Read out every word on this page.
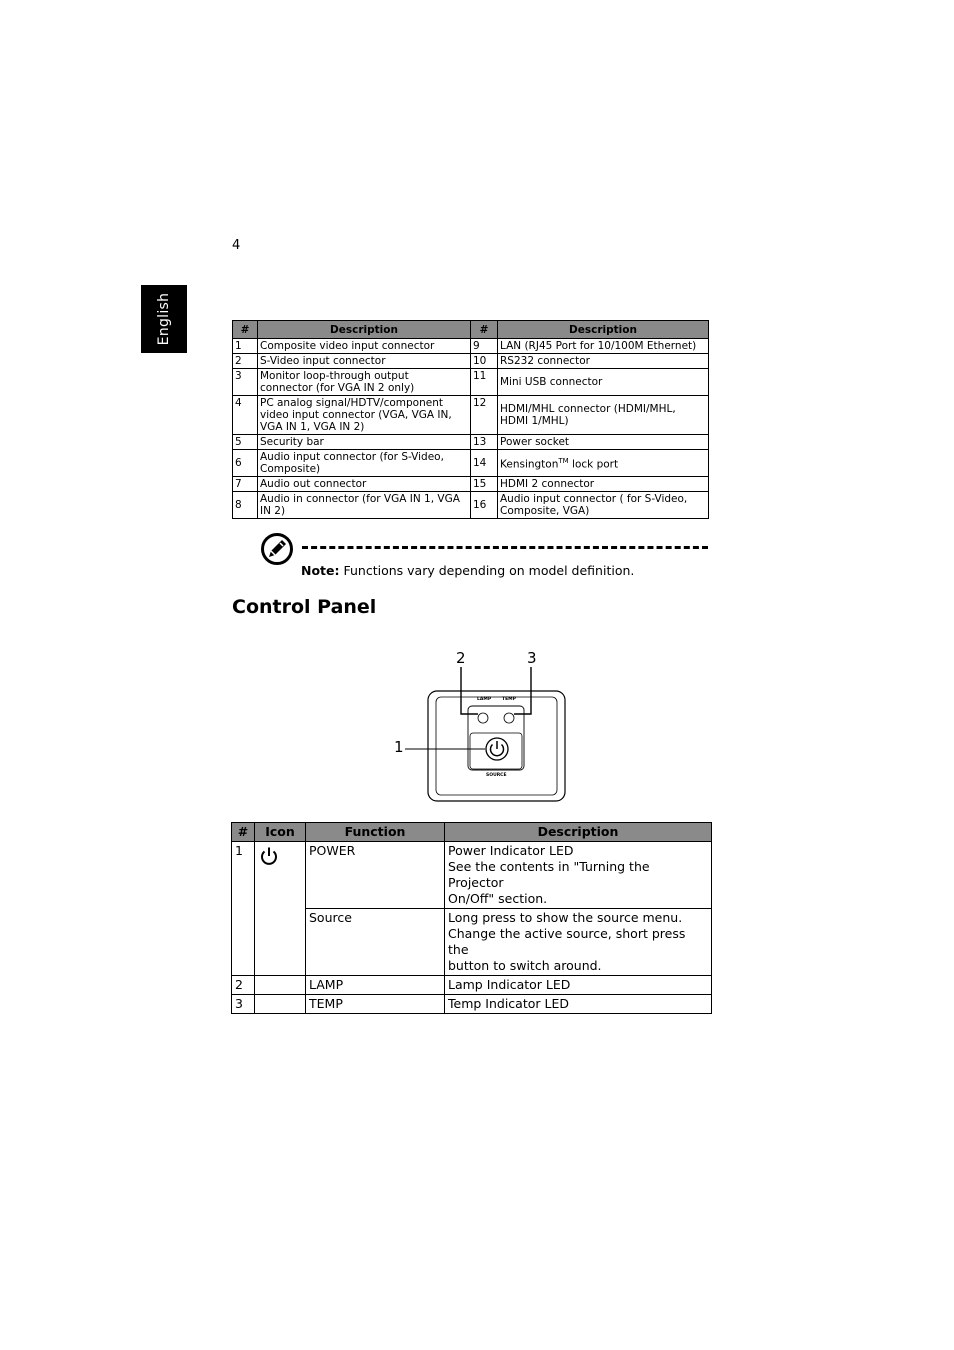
4
English	#	Description	#	Description
1	Composite video input connector	9	LAN (RJ45 Port for 10/100M Ethernet)

2	S-Video input connector	10	RS232 connector

3	Monitor loop-through output
connector (for VGA IN 2 only)	11	Mini USB connector

4	PC analog signal/HDTV/component
video input connector (VGA, VGA IN,
VGA IN 1, VGA IN 2)	12	HDMI/MHL connector (HDMI/MHL,
HDMI 1/MHL)

5	Security bar	13	Power socket

6	Audio input connector (for S-Video,
Composite)	14	Kensington™ lock port
7	Audio out connector	15	HDMI 2 connector

8	Audio in connector (for VGA IN 1, VGA
IN 2)	16	Audio input connector ( for S-Video,
Composite, VGA)
Note: Functions vary depending on model definition.
Control Panel
2	3
1
LAMP TEMP
SOURCE
#	Icon	Function	Description
1		POWER	Power Indicator LED
See the contents in "Turning the Projector
On/Off" section.

		Source	Long press to show the source menu.
Change the active source, short press the
button to switch around.

2		LAMP	Lamp Indicator LED

3		TEMP	Temp Indicator LED
